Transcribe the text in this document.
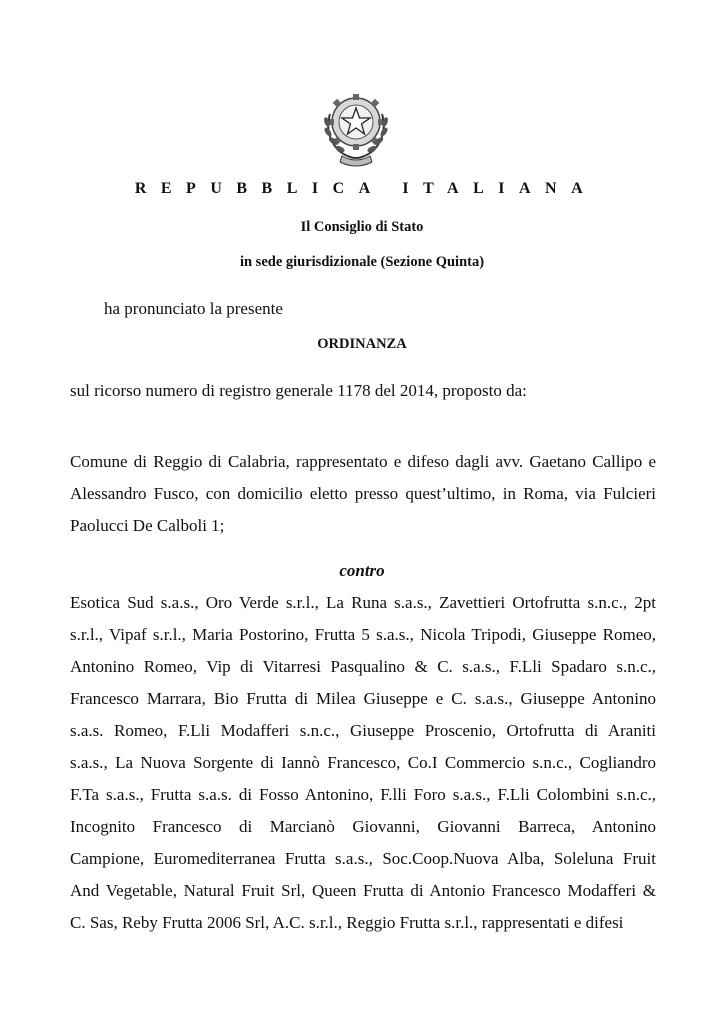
REPUBBLICA ITALIANA
Il Consiglio di Stato
in sede giurisdizionale (Sezione Quinta)
ha pronunciato la presente
ORDINANZA
sul ricorso numero di registro generale 1178 del 2014, proposto da:
Comune di Reggio di Calabria, rappresentato e difeso dagli avv. Gaetano Callipo e
Alessandro Fusco, con domicilio eletto presso quest’ultimo, in Roma, via Fulcieri
Paolucci De Calboli 1;
contro
Esotica Sud s.a.s., Oro Verde s.r.l., La Runa s.a.s., Zavettieri Ortofrutta s.n.c., 2pt
s.r.l., Vipaf s.r.l., Maria Postorino, Frutta 5 s.a.s., Nicola Tripodi, Giuseppe Romeo,
Antonino Romeo, Vip di Vitarresi Pasqualino & C. s.a.s., F.Lli Spadaro s.n.c.,
Francesco Marrara, Bio Frutta di Milea Giuseppe e C. s.a.s., Giuseppe Antonino
s.a.s. Romeo, F.Lli Modafferi s.n.c., Giuseppe Proscenio, Ortofrutta di Araniti
s.a.s., La Nuova Sorgente di Iannò Francesco, Co.I Commercio s.n.c., Cogliandro
F.Ta s.a.s., Frutta s.a.s. di Fosso Antonino, F.lli Foro s.a.s., F.Lli Colombini s.n.c.,
Incognito Francesco di Marcianò Giovanni, Giovanni Barreca, Antonino
Campione, Euromediterranea Frutta s.a.s., Soc.Coop.Nuova Alba, Soleluna Fruit
And Vegetable, Natural Fruit Srl, Queen Frutta di Antonio Francesco Modafferi &
C. Sas, Reby Frutta 2006 Srl, A.C. s.r.l., Reggio Frutta s.r.l., rappresentati e difesi
